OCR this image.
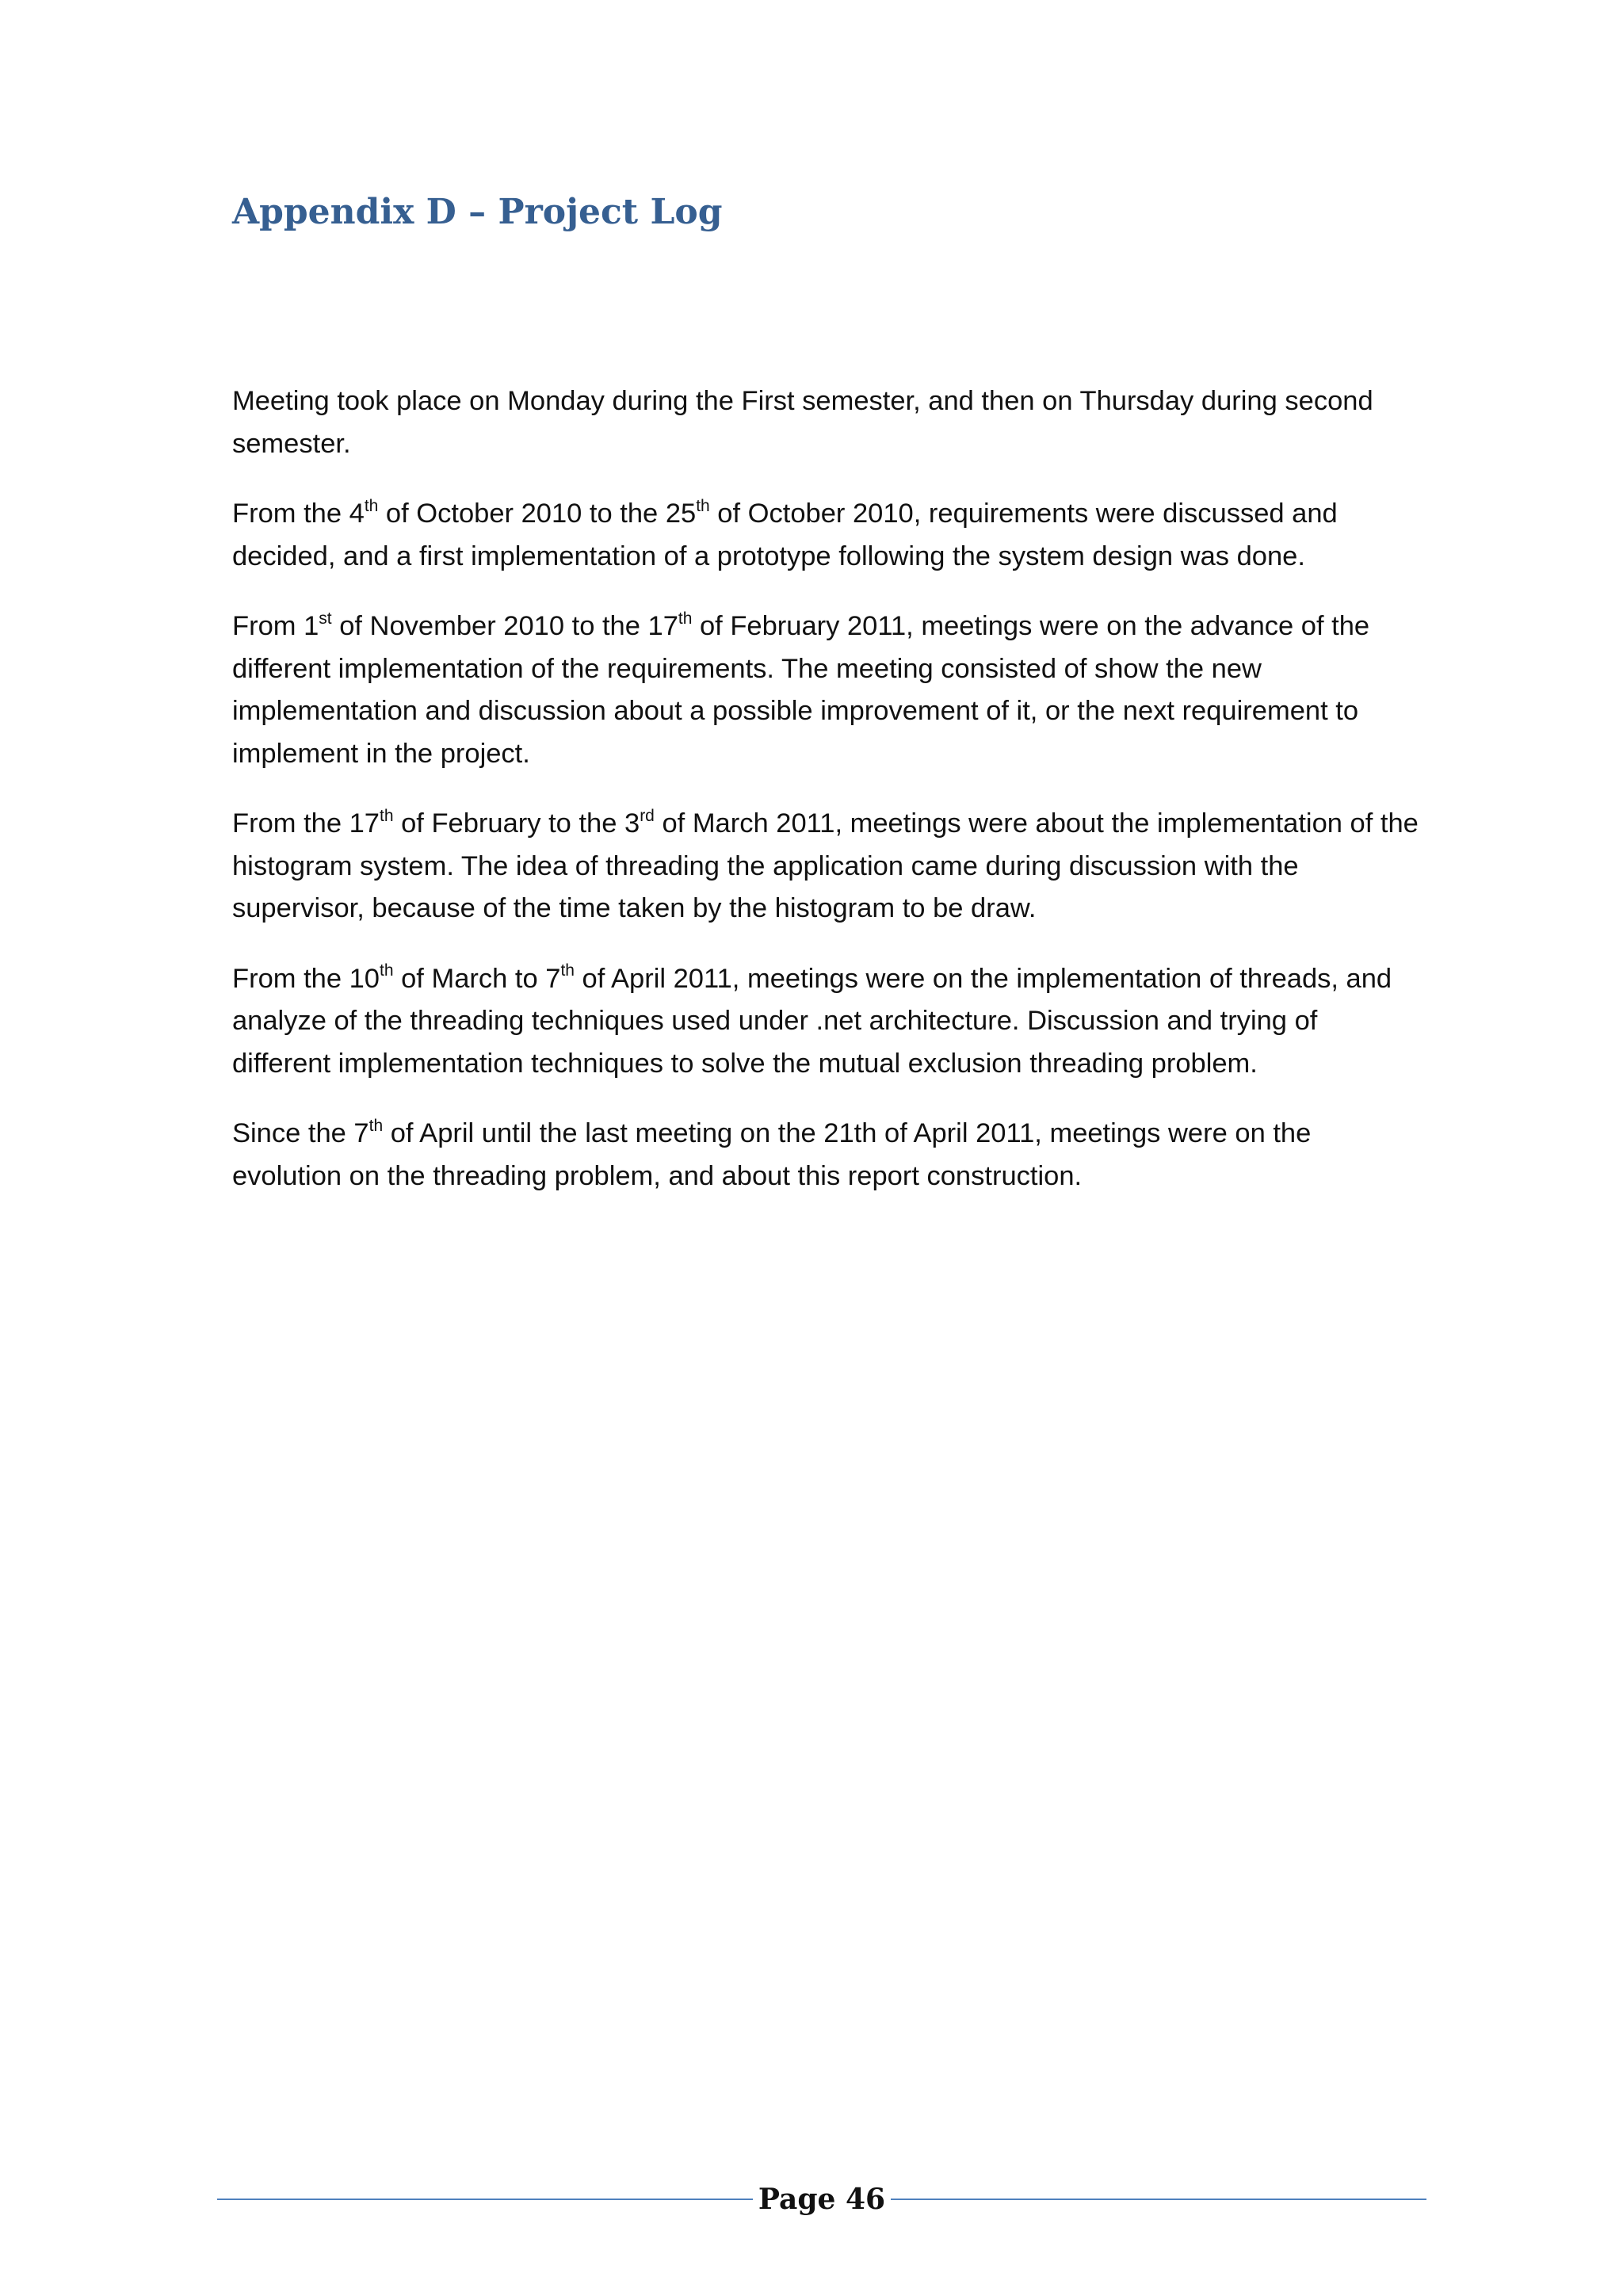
Appendix D – Project Log

Meeting took place on Monday during the First semester, and then on Thursday during second semester.

From the 4th of October 2010 to the 25th of October 2010, requirements were discussed and decided, and a first implementation of a prototype following the system design was done.

From 1st of November 2010 to the 17th of February 2011, meetings were on the advance of the different implementation of the requirements. The meeting consisted of show the new implementation and discussion about a possible improvement of it, or the next requirement to implement in the project.

From the 17th of February to the 3rd of March 2011, meetings were about the implementation of the histogram system. The idea of threading the application came during discussion with the supervisor, because of the time taken by the histogram to be draw.

From the 10th of March to 7th of April 2011, meetings were on the implementation of threads, and analyze of the threading techniques used under .net architecture. Discussion and trying of different implementation techniques to solve the mutual exclusion threading problem.

Since the 7th of April until the last meeting on the 21th of April 2011, meetings were on the evolution on the threading problem, and about this report construction.

Page 46
